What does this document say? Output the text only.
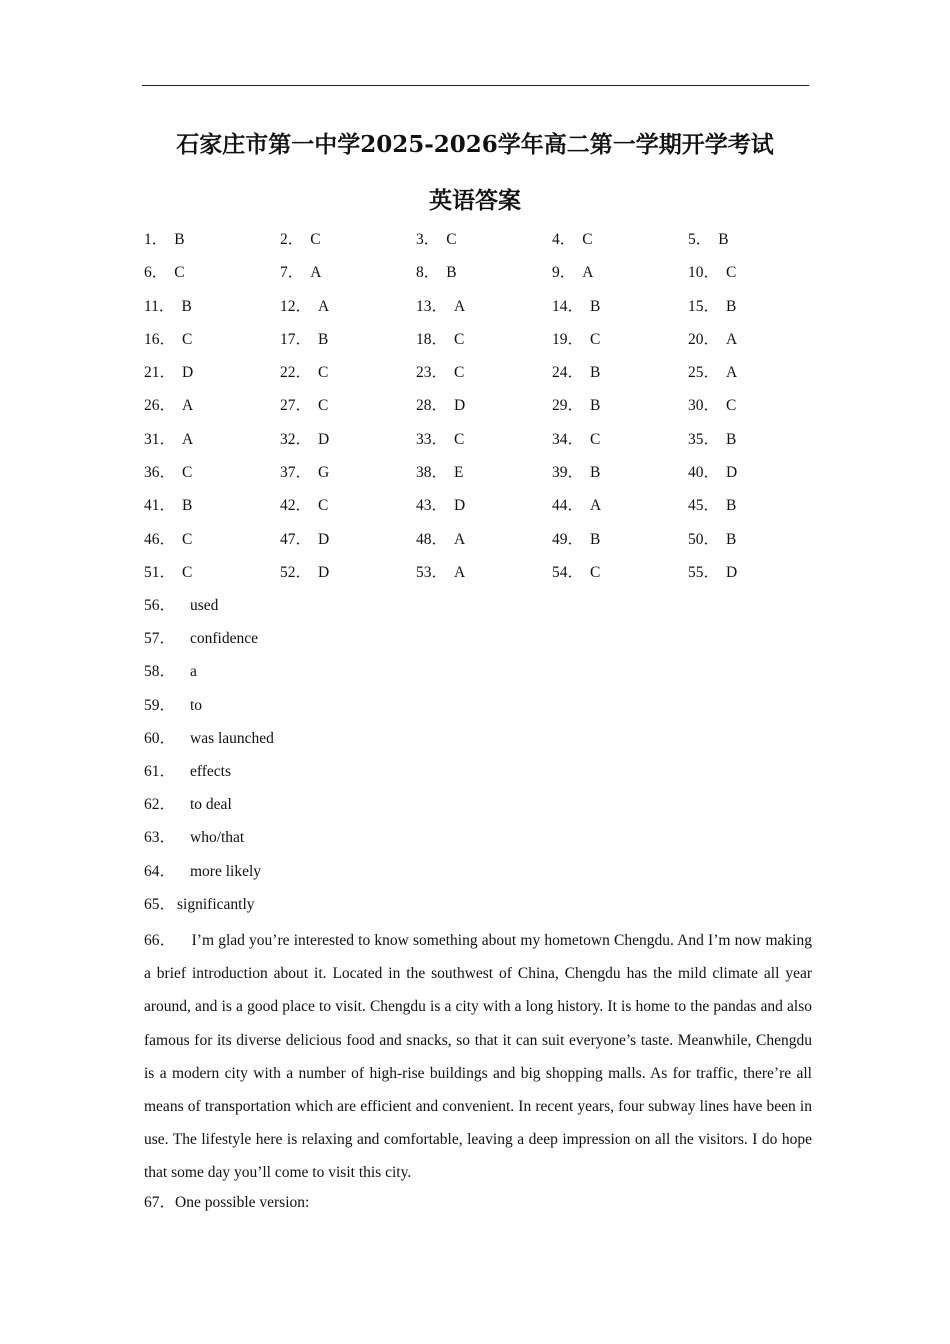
石家庄市第一中学2025-2026学年高二第一学期开学考试
英语答案
1． B	2． C	3． C	4． C	5． B
6． C	7． A	8． B	9． A	10． C
11． B	12． A	13． A	14． B	15． B
16． C	17． B	18． C	19． C	20． A
21． D	22． C	23． C	24． B	25． A
26． A	27． C	28． D	29． B	30． C
31． A	32． D	33． C	34． C	35． B
36． C	37． G	38． E	39． B	40． D
41． B	42． C	43． D	44． A	45． B
46． C	47． D	48． A	49． B	50． B
51． C	52． D	53． A	54． C	55． D
56． used
57． confidence
58． a
59． to
60． was launched
61． effects
62． to deal
63． who/that
64． more likely
65． significantly
66． I’m glad you’re interested to know something about my hometown Chengdu. And I’m now making a brief introduction about it. Located in the southwest of China, Chengdu has the mild climate all year around, and is a good place to visit. Chengdu is a city with a long history. It is home to the pandas and also famous for its diverse delicious food and snacks, so that it can suit everyone’s taste. Meanwhile, Chengdu is a modern city with a number of high-rise buildings and big shopping malls. As for traffic, there’re all means of transportation which are efficient and convenient. In recent years, four subway lines have been in use. The lifestyle here is relaxing and comfortable, leaving a deep impression on all the visitors. I do hope that some day you’ll come to visit this city.
67．One possible version:
